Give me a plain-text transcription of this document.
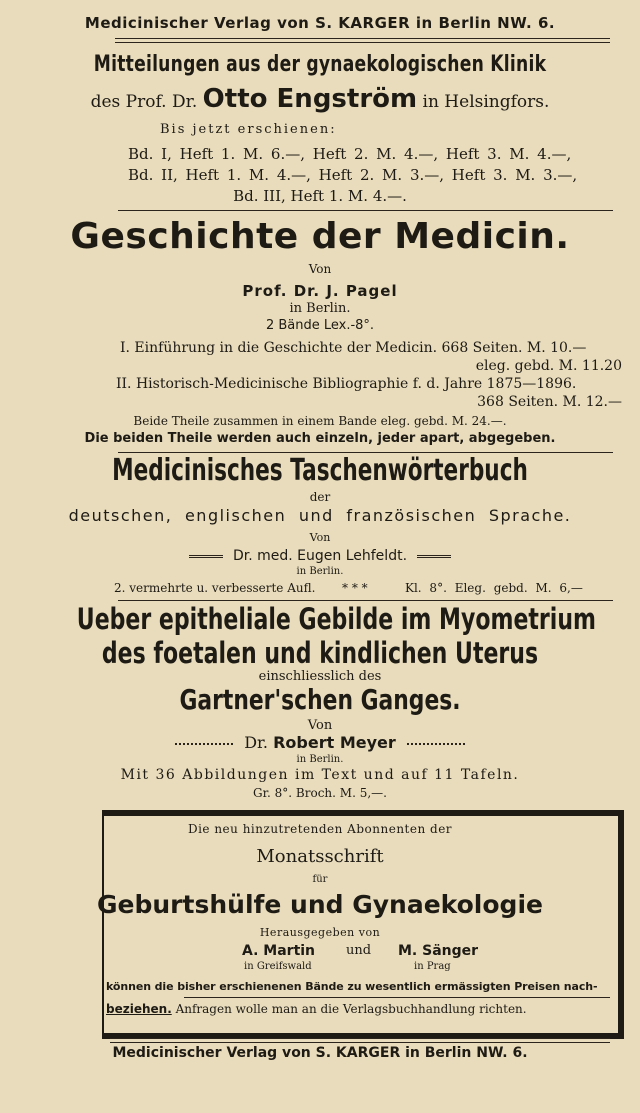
Medicinischer Verlag von S. KARGER in Berlin NW. 6.
Mitteilungen aus der gynaekologischen Klinik
des Prof. Dr. Otto Engström in Helsingfors.
Bis jetzt erschienen:
Bd. I, Heft 1. M. 6.—, Heft 2. M. 4.—, Heft 3. M. 4.—,
Bd. II, Heft 1. M. 4.—, Heft 2. M. 3.—, Heft 3. M. 3.—,
Bd. III, Heft 1. M. 4.—.
Geschichte der Medicin.
Von
Prof. Dr. J. Pagel
in Berlin.
2 Bände Lex.-8°.
I. Einführung in die Geschichte der Medicin. 668 Seiten. M. 10.—
eleg. gebd. M. 11.20
II. Historisch-Medicinische Bibliographie f. d. Jahre 1875—1896.
368 Seiten. M. 12.—
Beide Theile zusammen in einem Bande eleg. gebd. M. 24.—.
Die beiden Theile werden auch einzeln, jeder apart, abgegeben.
Medicinisches Taschenwörterbuch
der
deutschen, englischen und französischen Sprache.
Von
Dr. med. Eugen Lehfeldt.
in Berlin.
2. vermehrte u. verbesserte Aufl. * * *	Kl. 8°. Eleg. gebd. M. 6,—
Ueber epitheliale Gebilde im Myometrium
des foetalen und kindlichen Uterus
einschliesslich des
Gartner'schen Ganges.
Von
Dr. Robert Meyer
in Berlin.
Mit 36 Abbildungen im Text und auf 11 Tafeln.
Gr. 8°. Broch. M. 5,—.
Die neu hinzutretenden Abonnenten der
Monatsschrift
für
Geburtshülfe und Gynaekologie
Herausgegeben von
A. Martin und M. Sänger
in Greifswald	in Prag
können die bisher erschienenen Bände zu wesentlich ermässigten Preisen nach-
beziehen. Anfragen wolle man an die Verlagsbuchhandlung richten.
Medicinischer Verlag von S. KARGER in Berlin NW. 6.
